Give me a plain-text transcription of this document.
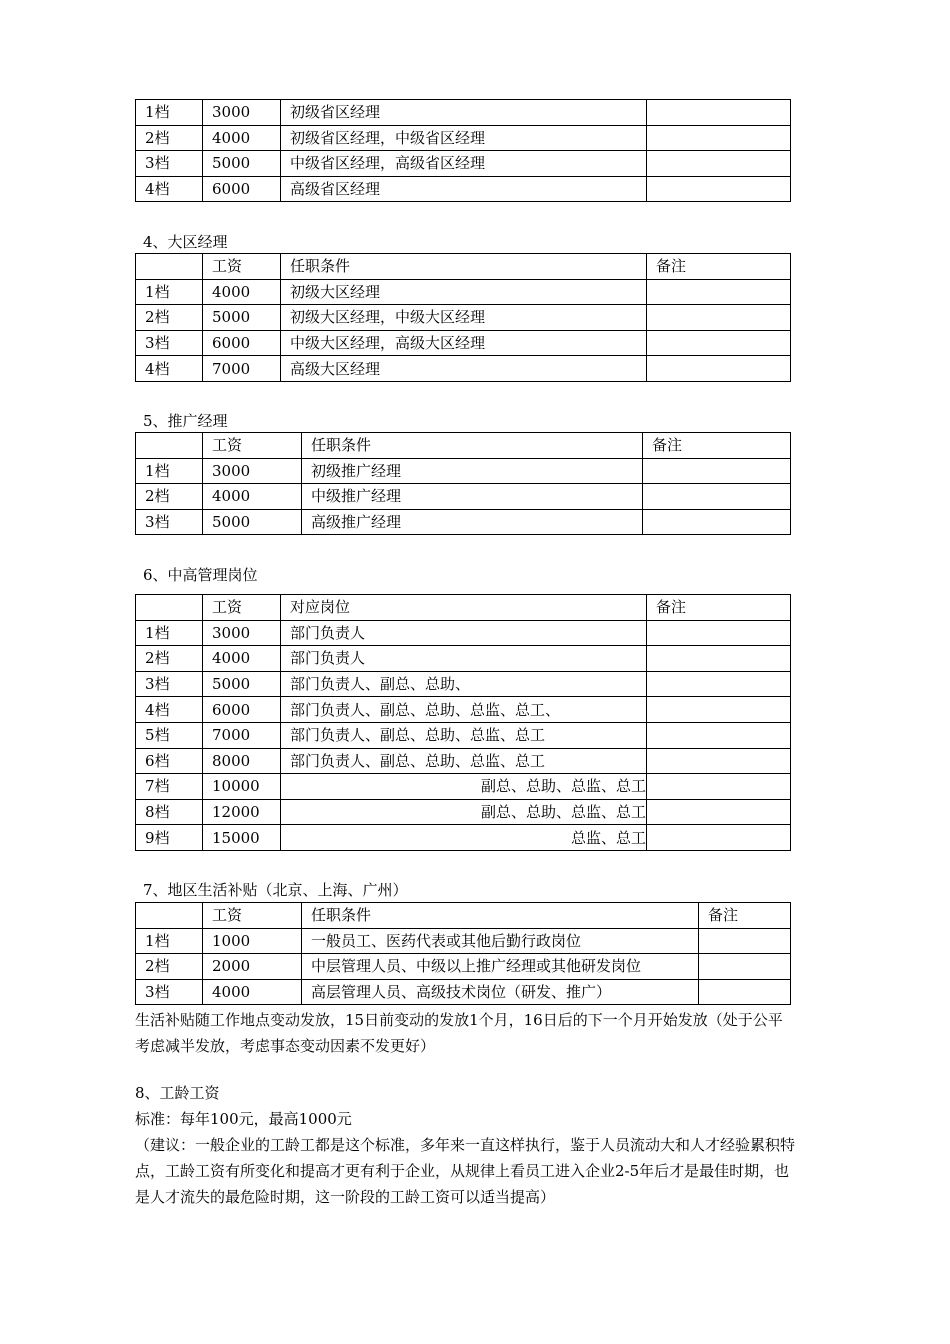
1档	3000	初级省区经理	
2档	4000	初级省区经理，中级省区经理	
3档	5000	中级省区经理，高级省区经理	
4档	6000	高级省区经理	
4、大区经理
	工资	任职条件	备注
1档	4000	初级大区经理	
2档	5000	初级大区经理，中级大区经理	
3档	6000	中级大区经理，高级大区经理	
4档	7000	高级大区经理	
5、推广经理
	工资	任职条件	备注
1档	3000	初级推广经理	
2档	4000	中级推广经理	
3档	5000	高级推广经理	
6、中高管理岗位
	工资	对应岗位	备注
1档	3000	部门负责人	
2档	4000	部门负责人	
3档	5000	部门负责人、副总、总助、	
4档	6000	部门负责人、副总、总助、总监、总工、	
5档	7000	部门负责人、副总、总助、总监、总工	
6档	8000	部门负责人、副总、总助、总监、总工	
7档	10000	副总、总助、总监、总工	
8档	12000	副总、总助、总监、总工	
9档	15000	总监、总工	
7、地区生活补贴（北京、上海、广州）
	工资	任职条件	备注
1档	1000	一般员工、医药代表或其他后勤行政岗位	
2档	2000	中层管理人员、中级以上推广经理或其他研发岗位	
3档	4000	高层管理人员、高级技术岗位（研发、推广）	

生活补贴随工作地点变动发放，15日前变动的发放1个月，16日后的下一个月开始发放（处于公平考虑减半发放，考虑事态变动因素不发更好）

8、工龄工资

标准：每年100元，最高1000元

（建议：一般企业的工龄工都是这个标准，多年来一直这样执行，鉴于人员流动大和人才经验累积特点，工龄工资有所变化和提高才更有利于企业，从规律上看员工进入企业2-5年后才是最佳时期，也是人才流失的最危险时期，这一阶段的工龄工资可以适当提高）
